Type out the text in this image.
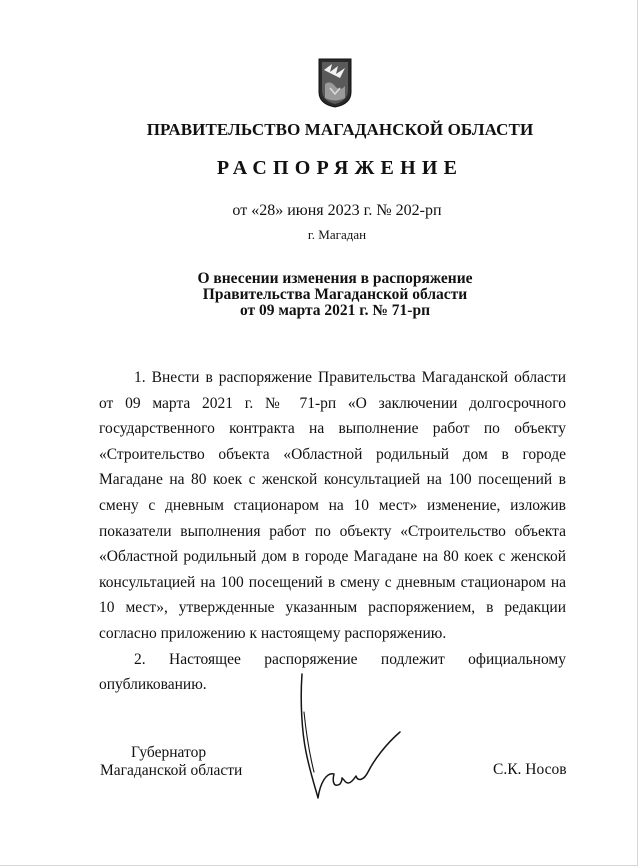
ПРАВИТЕЛЬСТВО МАГАДАНСКОЙ ОБЛАСТИ
РАСПОРЯЖЕНИЕ
от «28» июня 2023 г. № 202-рп
г. Магадан
О внесении изменения в распоряжение
Правительства Магаданской области
от 09 марта 2021 г. № 71-рп

1. Внести в распоряжение Правительства Магаданской области от 09 марта 2021 г. № 71-рп «О заключении долгосрочного государственного контракта на выполнение работ по объекту «Строительство объекта «Областной родильный дом в городе Магадане на 80 коек с женской консультацией на 100 посещений в смену с дневным стационаром на 10 мест» изменение, изложив показатели выполнения работ по объекту «Строительство объекта «Областной родильный дом в городе Магадане на 80 коек с женской консультацией на 100 посещений в смену с дневным стационаром на 10 мест», утвержденные указанным распоряжением, в редакции согласно приложению к настоящему распоряжению.

2. Настоящее распоряжение подлежит официальному опубликованию.

Губернатор
Магаданской области	С.К. Носов
